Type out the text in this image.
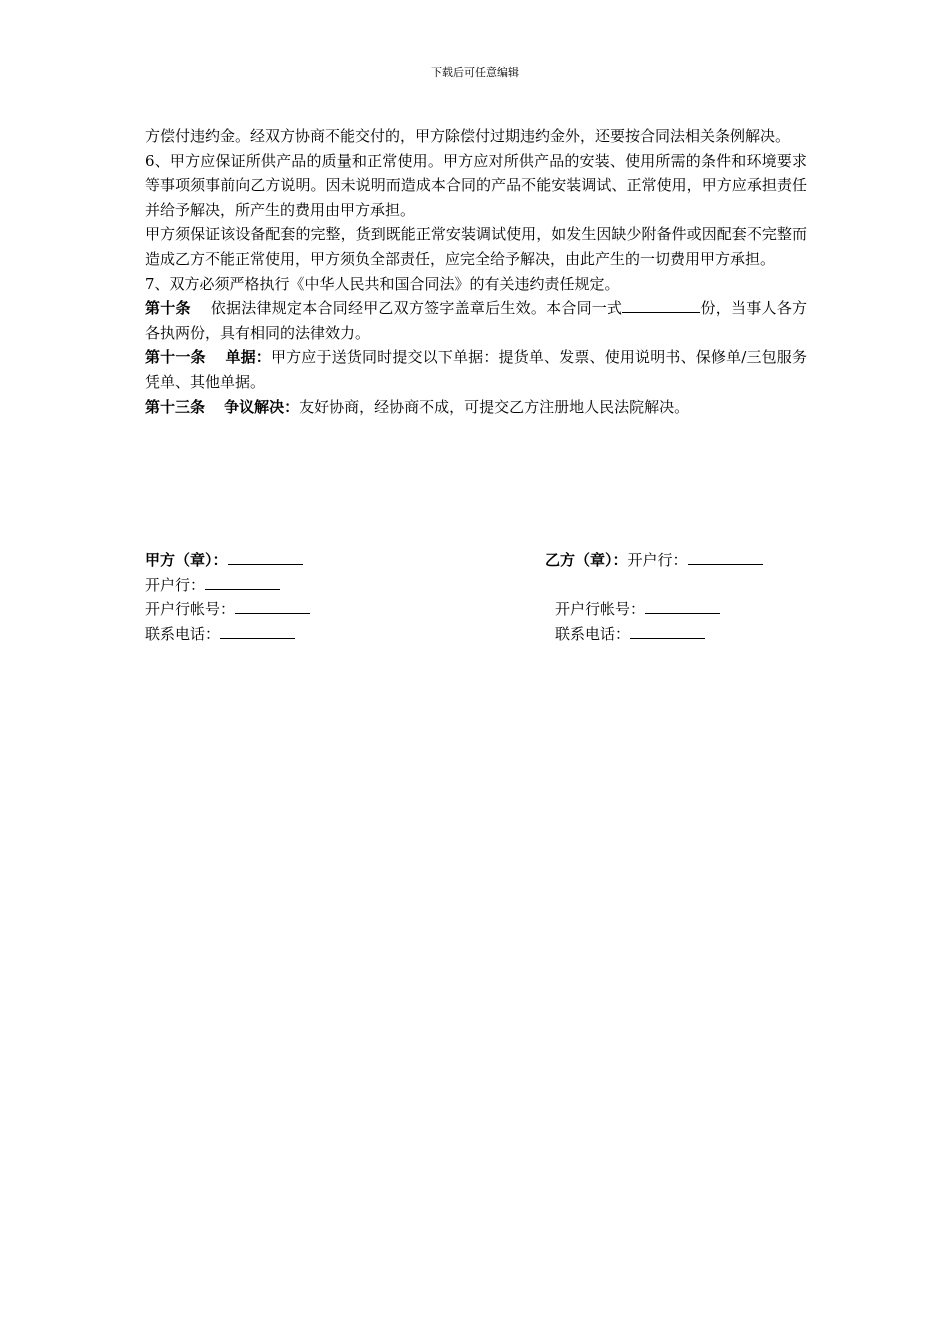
下载后可任意编辑

方偿付违约金。经双方协商不能交付的，甲方除偿付过期违约金外，还要按合同法相关条例解决。

6、甲方应保证所供产品的质量和正常使用。甲方应对所供产品的安装、使用所需的条件和环境要求等事项须事前向乙方说明。因未说明而造成本合同的产品不能安装调试、正常使用，甲方应承担责任并给予解决，所产生的费用由甲方承担。

甲方须保证该设备配套的完整，货到既能正常安装调试使用，如发生因缺少附备件或因配套不完整而造成乙方不能正常使用，甲方须负全部责任，应完全给予解决，由此产生的一切费用甲方承担。

7、双方必须严格执行《中华人民共和国合同法》的有关违约责任规定。

第十条 依据法律规定本合同经甲乙双方签字盖章后生效。本合同一式	份，当事人各方各执两份，具有相同的法律效力。

第十一条 单据：甲方应于送货同时提交以下单据：提货单、发票、使用说明书、保修单/三包服务凭单、其他单据。

第十三条 争议解决：友好协商，经协商不成，可提交乙方注册地人民法院解决。

甲方（章）：
开户行：
开户行帐号：
联系电话：
乙方（章）：开户行：
开户行帐号：
联系电话：
